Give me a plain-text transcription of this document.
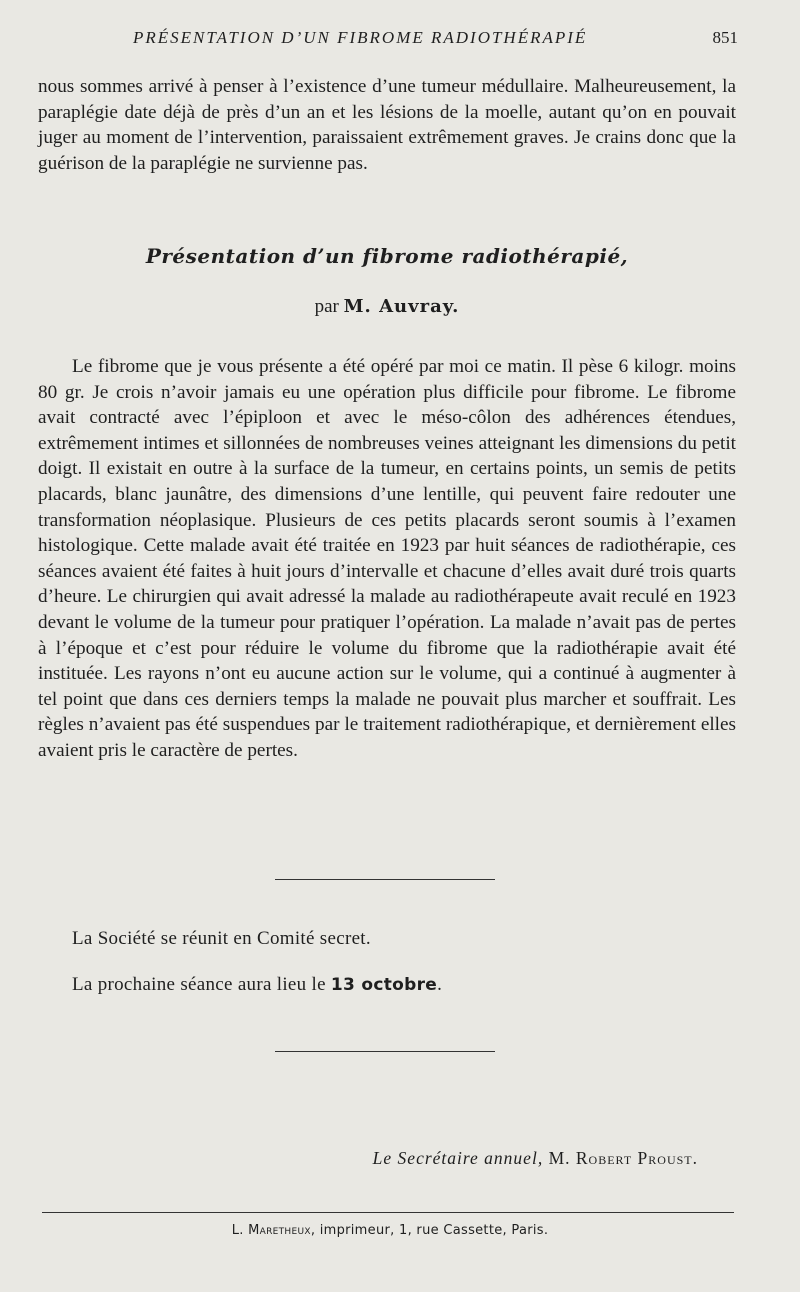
PRÉSENTATION D’UN FIBROME RADIOTHÉRAPIÉ	851

nous sommes arrivé à penser à l’existence d’une tumeur médullaire. Malheureusement, la paraplégie date déjà de près d’un an et les lésions de la moelle, autant qu’on en pouvait juger au moment de l’intervention, paraissaient extrêmement graves. Je crains donc que la guérison de la paraplégie ne survienne pas.

Présentation d’un fibrome radiothérapié,

par M. Auvray.

Le fibrome que je vous présente a été opéré par moi ce matin. Il pèse 6 kilogr. moins 80 gr. Je crois n’avoir jamais eu une opération plus difficile pour fibrome. Le fibrome avait contracté avec l’épiploon et avec le méso-côlon des adhérences étendues, extrêmement intimes et sillonnées de nombreuses veines atteignant les dimensions du petit doigt. Il existait en outre à la surface de la tumeur, en certains points, un semis de petits placards, blanc jaunâtre, des dimensions d’une lentille, qui peuvent faire redouter une transformation néoplasique. Plusieurs de ces petits placards seront soumis à l’examen histologique. Cette malade avait été traitée en 1923 par huit séances de radiothérapie, ces séances avaient été faites à huit jours d’intervalle et chacune d’elles avait duré trois quarts d’heure. Le chirurgien qui avait adressé la malade au radiothérapeute avait reculé en 1923 devant le volume de la tumeur pour pratiquer l’opération. La malade n’avait pas de pertes à l’époque et c’est pour réduire le volume du fibrome que la radiothérapie avait été instituée. Les rayons n’ont eu aucune action sur le volume, qui a continué à augmenter à tel point que dans ces derniers temps la malade ne pouvait plus marcher et souffrait. Les règles n’avaient pas été suspendues par le traitement radiothérapique, et dernièrement elles avaient pris le caractère de pertes.

La Société se réunit en Comité secret.

La prochaine séance aura lieu le 13 octobre.

Le Secrétaire annuel, M. Robert Proust.

L. Maretheux, imprimeur, 1, rue Cassette, Paris.
